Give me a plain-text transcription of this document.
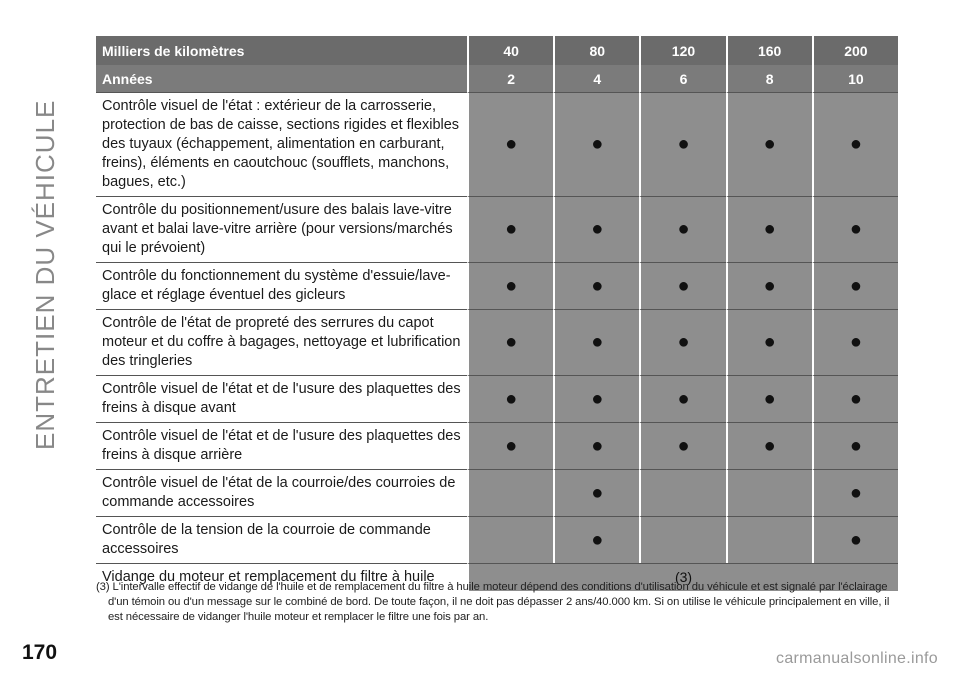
ENTRETIEN DU VÉHICULE
Milliers de kilomètres	40	80	120	160	200
Années	2	4	6	8	10
Contrôle visuel de l'état : extérieur de la carrosserie, protection de bas de caisse, sections rigides et flexibles des tuyaux (échappement, alimentation en carburant, freins), éléments en caoutchouc (soufflets, manchons, bagues, etc.)	●	●	●	●	●
Contrôle du positionnement/usure des balais lave-vitre avant et balai lave-vitre arrière (pour versions/marchés qui le prévoient)	●	●	●	●	●
Contrôle du fonctionnement du système d'essuie/lave-glace et réglage éventuel des gicleurs	●	●	●	●	●
Contrôle de l'état de propreté des serrures du capot moteur et du coffre à bagages, nettoyage et lubrification des tringleries	●	●	●	●	●
Contrôle visuel de l'état et de l'usure des plaquettes des freins à disque avant	●	●	●	●	●
Contrôle visuel de l'état et de l'usure des plaquettes des freins à disque arrière	●	●	●	●	●
Contrôle visuel de l'état de la courroie/des courroies de commande accessoires		●			●
Contrôle de la tension de la courroie de commande accessoires		●			●
Vidange du moteur et remplacement du filtre à huile	(3)				
(3) L'intervalle effectif de vidange de l'huile et de remplacement du filtre à huile moteur dépend des conditions d'utilisation du véhicule et est signalé par l'éclairage
d'un témoin ou d'un message sur le combiné de bord. De toute façon, il ne doit pas dépasser 2 ans/40.000 km. Si on utilise le véhicule principalement en ville, il
est nécessaire de vidanger l'huile moteur et remplacer le filtre une fois par an.
170	carmanualsonline.info
